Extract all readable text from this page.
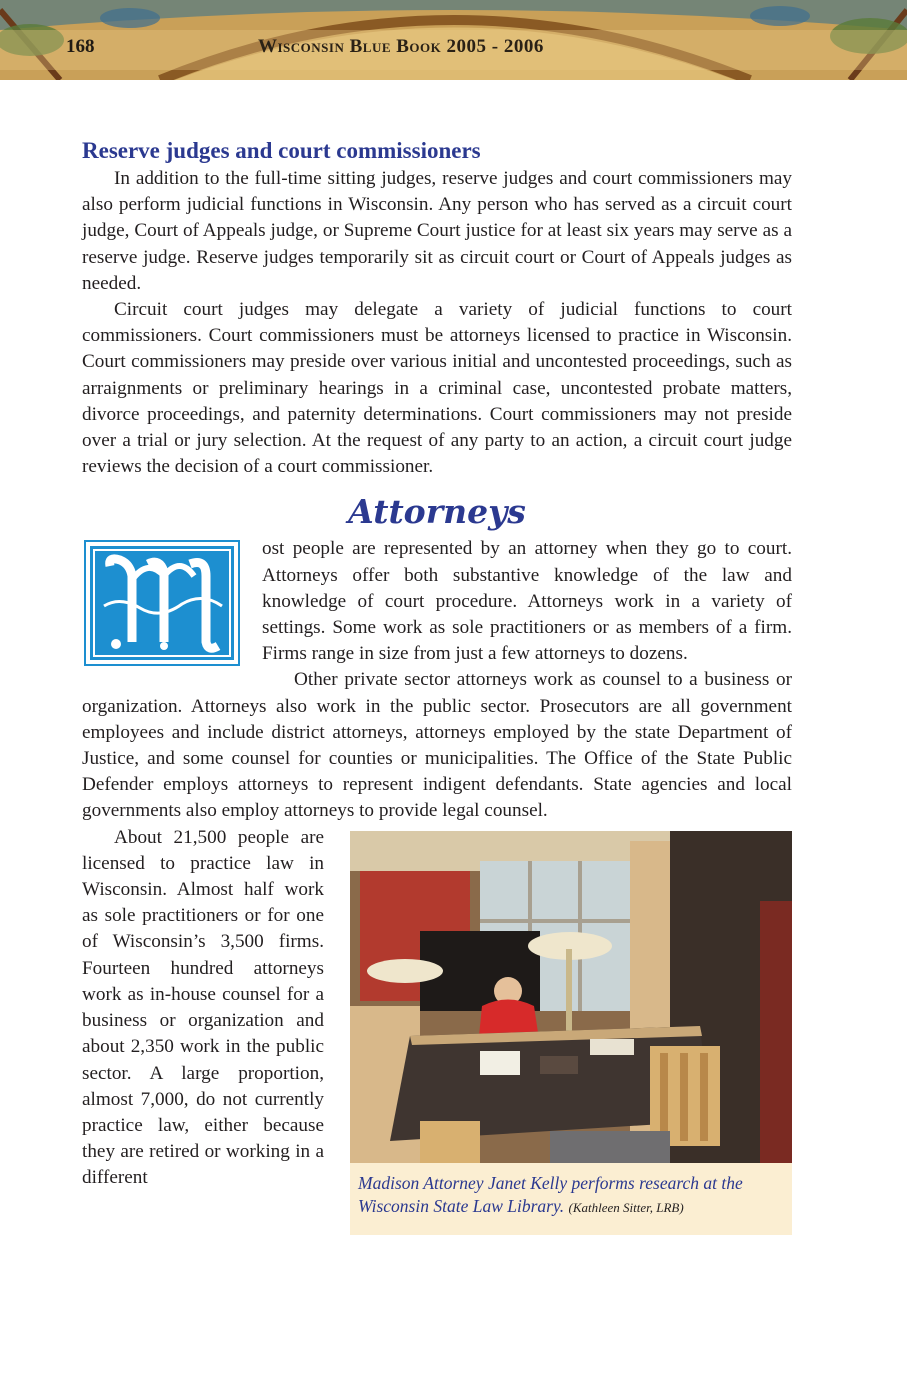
168	Wisconsin Blue Book 2005 - 2006
Reserve judges and court commissioners

In addition to the full-time sitting judges, reserve judges and court commissioners may also perform judicial functions in Wisconsin. Any person who has served as a circuit court judge, Court of Appeals judge, or Supreme Court justice for at least six years may serve as a reserve judge. Reserve judges temporarily sit as circuit court or Court of Appeals judges as needed.

Circuit court judges may delegate a variety of judicial functions to court commissioners. Court commissioners must be attorneys licensed to practice in Wisconsin. Court commissioners may preside over various initial and uncontested proceedings, such as arraignments or preliminary hearings in a criminal case, uncontested probate matters, divorce proceedings, and paternity determinations. Court commissioners may not preside over a trial or jury selection. At the request of any party to an action, a circuit court judge reviews the decision of a court commissioner.

Attorneys

ost people are represented by an attorney when they go to court. Attorneys offer both substantive knowledge of the law and knowledge of court procedure. Attorneys work in a variety of settings. Some work as sole practitioners or as members of a firm. Firms range in size from just a few attorneys to dozens.

Other private sector attorneys work as counsel to a business or organization. Attorneys also work in the public sector. Prosecutors are all government employees and include district attorneys, attorneys employed by the state Department of Justice, and some counsel for counties or municipalities. The Office of the State Public Defender employs attorneys to represent indigent defendants. State agencies and local governments also employ attorneys to provide legal counsel.

Madison Attorney Janet Kelly performs research at the Wisconsin State Law Library. (Kathleen Sitter, LRB)

About 21,500 people are licensed to practice law in Wisconsin. Almost half work as sole practitioners or for one of Wisconsin’s 3,500 firms. Fourteen hundred attorneys work as in-house counsel for a business or organization and about 2,350 work in the public sector. A large proportion, almost 7,000, do not currently practice law, either because they are retired or working in a different
